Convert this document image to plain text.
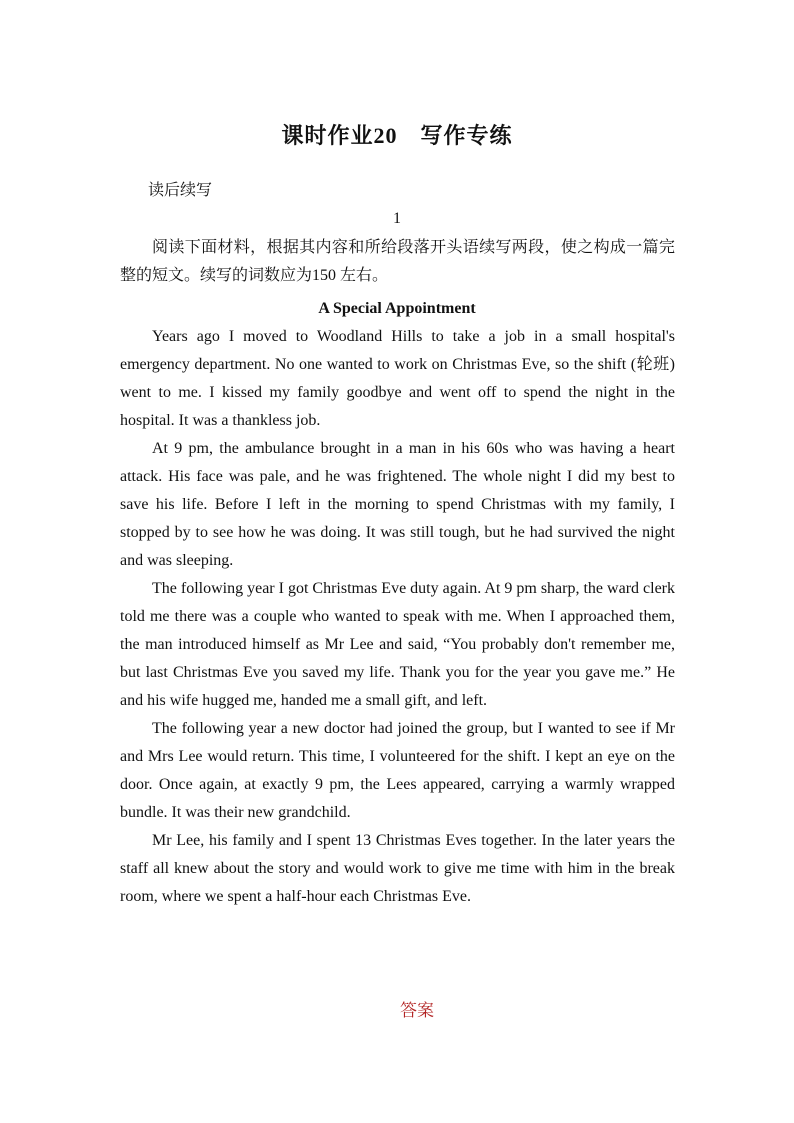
课时作业20　写作专练
读后续写
1

阅读下面材料，根据其内容和所给段落开头语续写两段，使之构成一篇完整的短文。续写的词数应为150 左右。

A Special Appointment

Years ago I moved to Woodland Hills to take a job in a small hospital's emergency department. No one wanted to work on Christmas Eve, so the shift (轮班) went to me. I kissed my family goodbye and went off to spend the night in the hospital. It was a thankless job.

At 9 pm, the ambulance brought in a man in his 60s who was having a heart attack. His face was pale, and he was frightened. The whole night I did my best to save his life. Before I left in the morning to spend Christmas with my family, I stopped by to see how he was doing. It was still tough, but he had survived the night and was sleeping.

The following year I got Christmas Eve duty again. At 9 pm sharp, the ward clerk told me there was a couple who wanted to speak with me. When I approached them, the man introduced himself as Mr Lee and said, “You probably don't remember me, but last Christmas Eve you saved my life. Thank you for the year you gave me.” He and his wife hugged me, handed me a small gift, and left.

The following year a new doctor had joined the group, but I wanted to see if Mr and Mrs Lee would return. This time, I volunteered for the shift. I kept an eye on the door. Once again, at exactly 9 pm, the Lees appeared, carrying a warmly wrapped bundle. It was their new grandchild.

Mr Lee, his family and I spent 13 Christmas Eves together. In the later years the staff all knew about the story and would work to give me time with him in the break room, where we spent a half-hour each Christmas Eve.

答案
